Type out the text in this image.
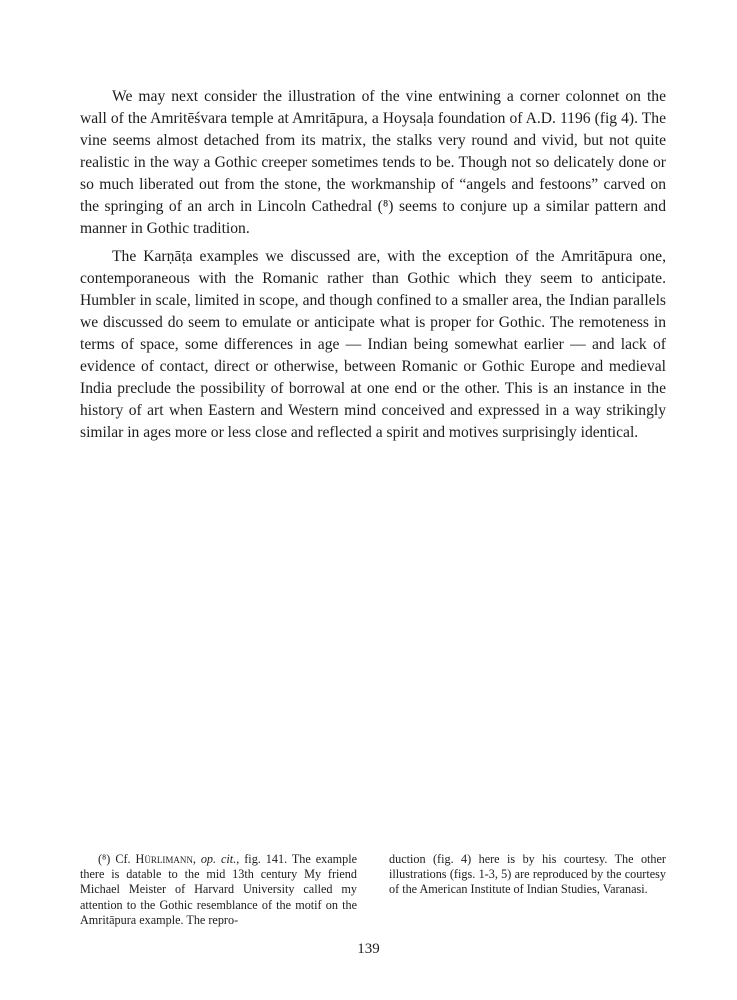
We may next consider the illustration of the vine entwining a corner colonnet on the wall of the Amritēśvara temple at Amritāpura, a Hoysaḷa foundation of A.D. 1196 (fig 4). The vine seems almost detached from its matrix, the stalks very round and vivid, but not quite realistic in the way a Gothic creeper sometimes tends to be. Though not so delicately done or so much liberated out from the stone, the workmanship of “angels and festoons” carved on the springing of an arch in Lincoln Cathedral (⁸) seems to conjure up a similar pattern and manner in Gothic tradition.

The Karṇāṭa examples we discussed are, with the exception of the Amritāpura one, contemporaneous with the Romanic rather than Gothic which they seem to anticipate. Humbler in scale, limited in scope, and though confined to a smaller area, the Indian parallels we discussed do seem to emulate or anticipate what is proper for Gothic. The remoteness in terms of space, some differences in age — Indian being somewhat earlier — and lack of evidence of contact, direct or otherwise, between Romanic or Gothic Europe and medieval India preclude the possibility of borrowal at one end or the other. This is an instance in the history of art when Eastern and Western mind conceived and expressed in a way strikingly similar in ages more or less close and reflected a spirit and motives surprisingly identical.

(⁸) Cf. Hürlimann, op. cit., fig. 141. The example there is datable to the mid 13th century My friend Michael Meister of Harvard University called my attention to the Gothic resemblance of the motif on the Amritāpura example. The repro-

duction (fig. 4) here is by his courtesy. The other illustrations (figs. 1-3, 5) are reproduced by the courtesy of the American Institute of Indian Studies, Varanasi.

139
